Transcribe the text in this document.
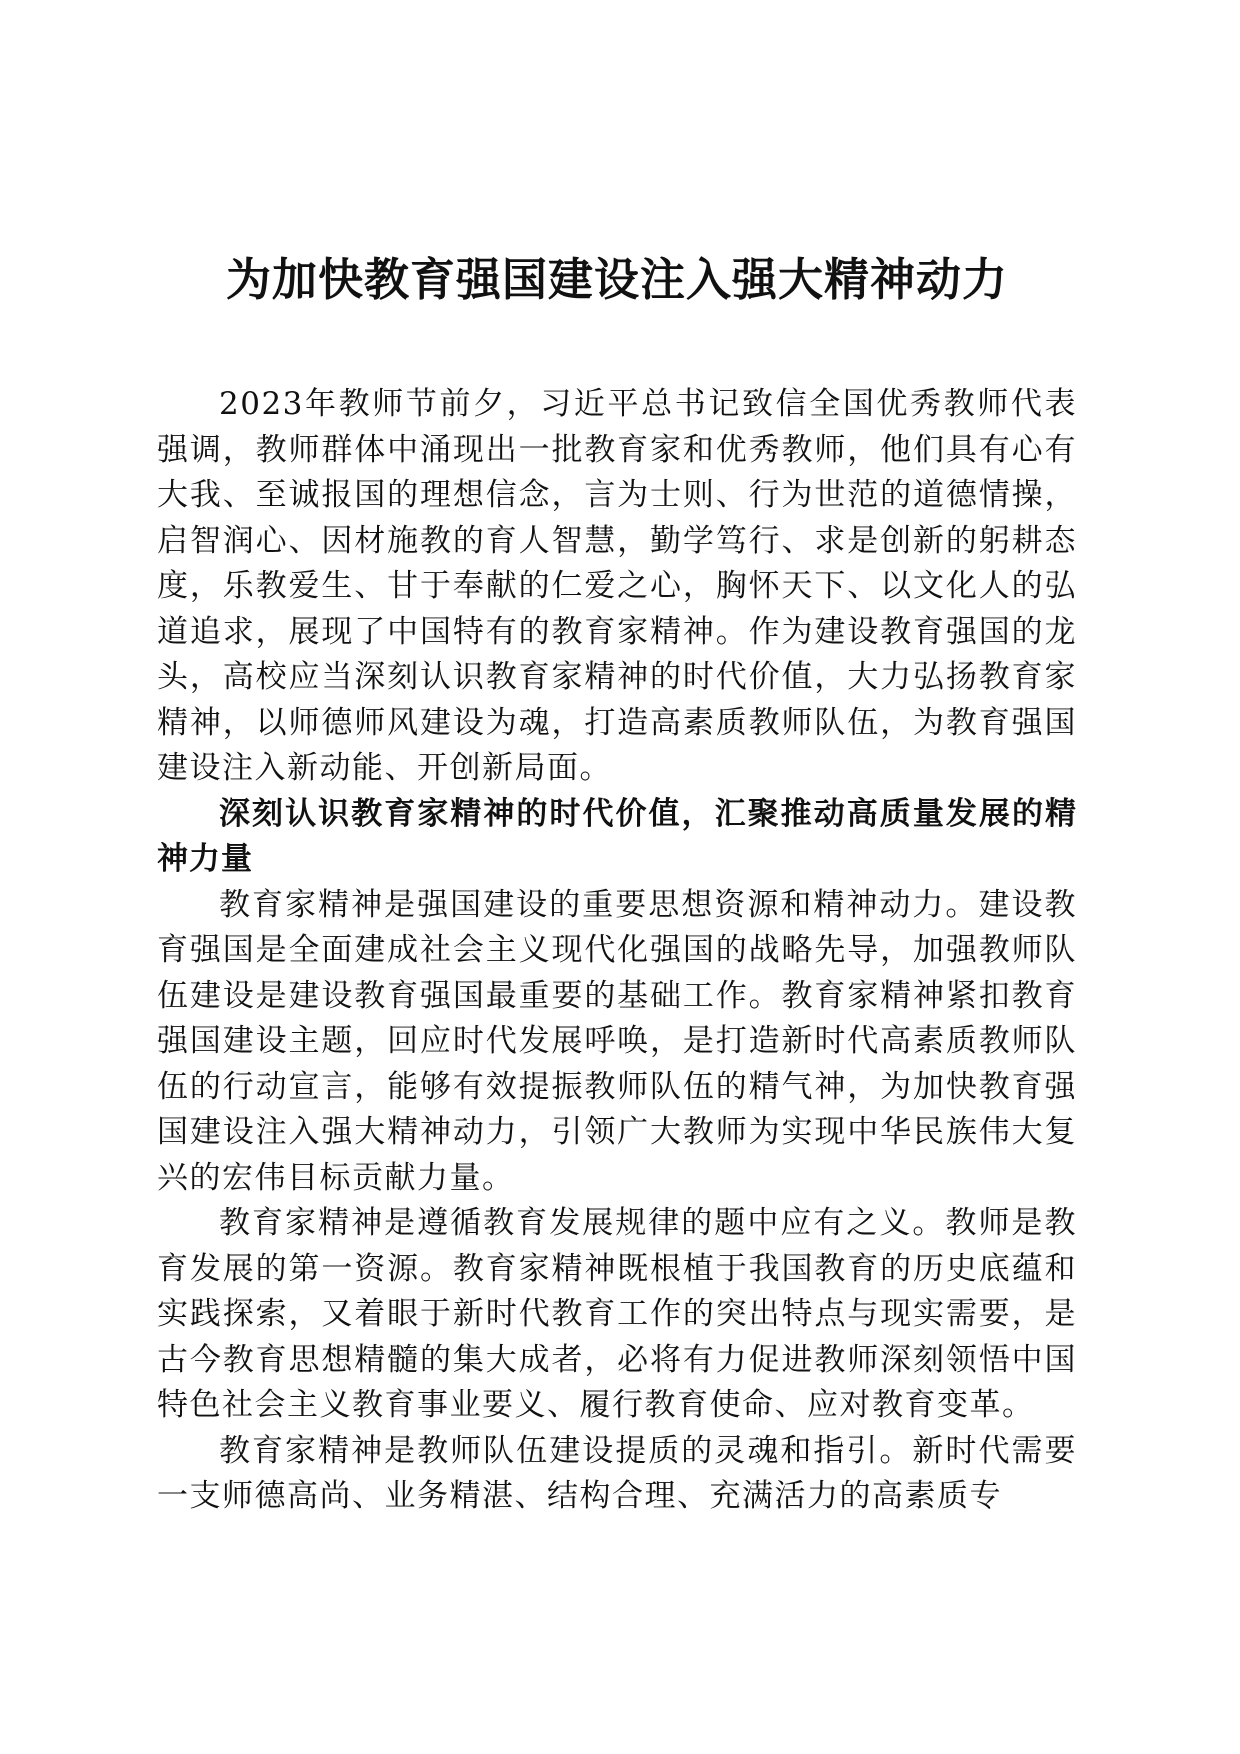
为加快教育强国建设注入强大精神动力

2023年教师节前夕，习近平总书记致信全国优秀教师代表强调，教师群体中涌现出一批教育家和优秀教师，他们具有心有大我、至诚报国的理想信念，言为士则、行为世范的道德情操，启智润心、因材施教的育人智慧，勤学笃行、求是创新的躬耕态度，乐教爱生、甘于奉献的仁爱之心，胸怀天下、以文化人的弘道追求，展现了中国特有的教育家精神。作为建设教育强国的龙头，高校应当深刻认识教育家精神的时代价值，大力弘扬教育家精神，以师德师风建设为魂，打造高素质教师队伍，为教育强国建设注入新动能、开创新局面。

深刻认识教育家精神的时代价值，汇聚推动高质量发展的精神力量

教育家精神是强国建设的重要思想资源和精神动力。建设教育强国是全面建成社会主义现代化强国的战略先导，加强教师队伍建设是建设教育强国最重要的基础工作。教育家精神紧扣教育强国建设主题，回应时代发展呼唤，是打造新时代高素质教师队伍的行动宣言，能够有效提振教师队伍的精气神，为加快教育强国建设注入强大精神动力，引领广大教师为实现中华民族伟大复兴的宏伟目标贡献力量。

教育家精神是遵循教育发展规律的题中应有之义。教师是教育发展的第一资源。教育家精神既根植于我国教育的历史底蕴和实践探索，又着眼于新时代教育工作的突出特点与现实需要，是古今教育思想精髓的集大成者，必将有力促进教师深刻领悟中国特色社会主义教育事业要义、履行教育使命、应对教育变革。

教育家精神是教师队伍建设提质的灵魂和指引。新时代需要一支师德高尚、业务精湛、结构合理、充满活力的高素质专
